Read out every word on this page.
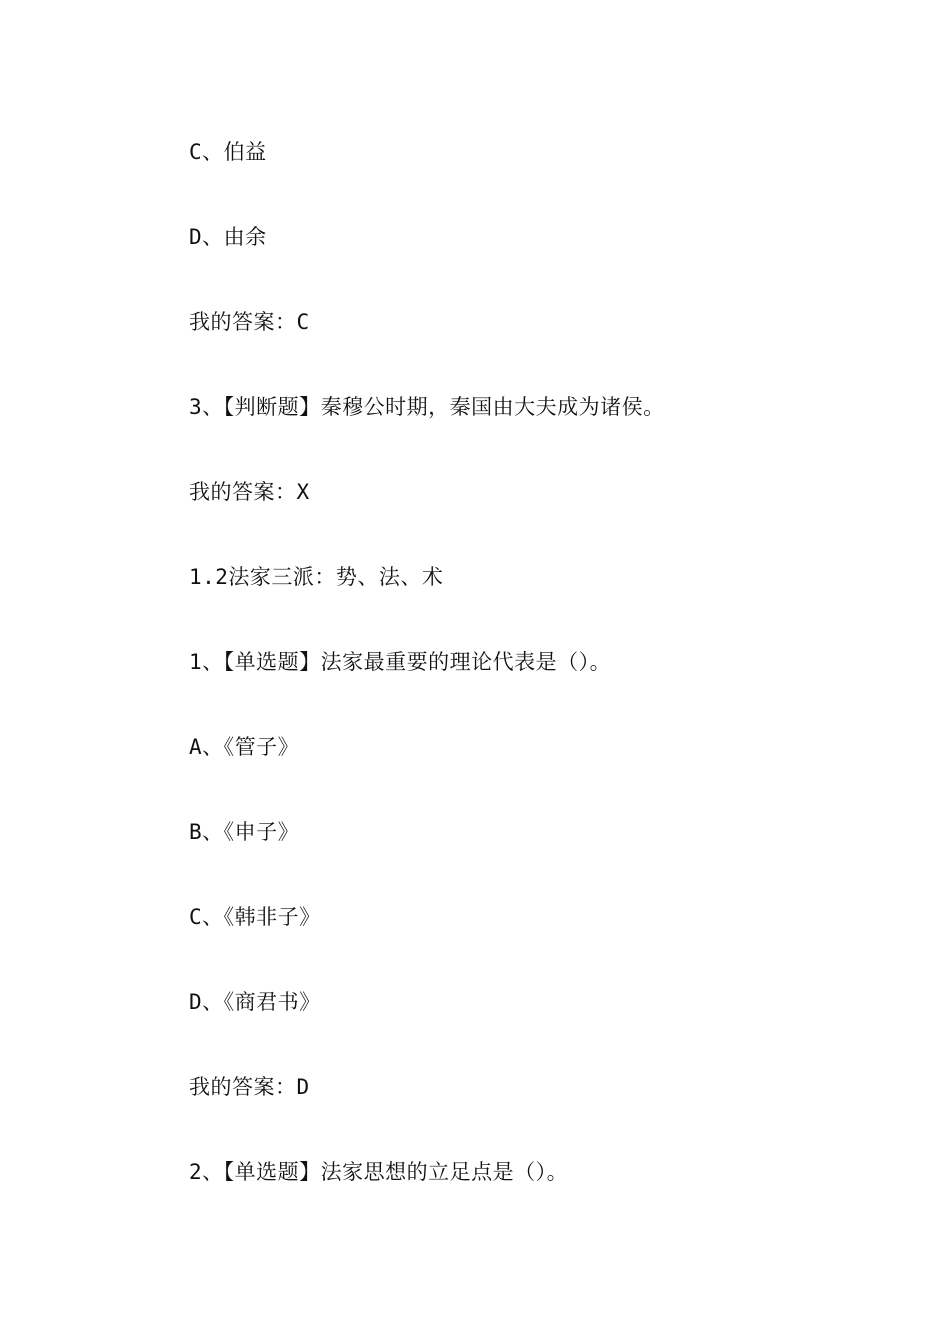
C、伯益
D、由余
我的答案：C
3、【判断题】秦穆公时期，秦国由大夫成为诸侯。
我的答案：X
1.2法家三派：势、法、术
1、【单选题】法家最重要的理论代表是（）。
A、《管子》
B、《申子》
C、《韩非子》
D、《商君书》
我的答案：D
2、【单选题】法家思想的立足点是（）。
